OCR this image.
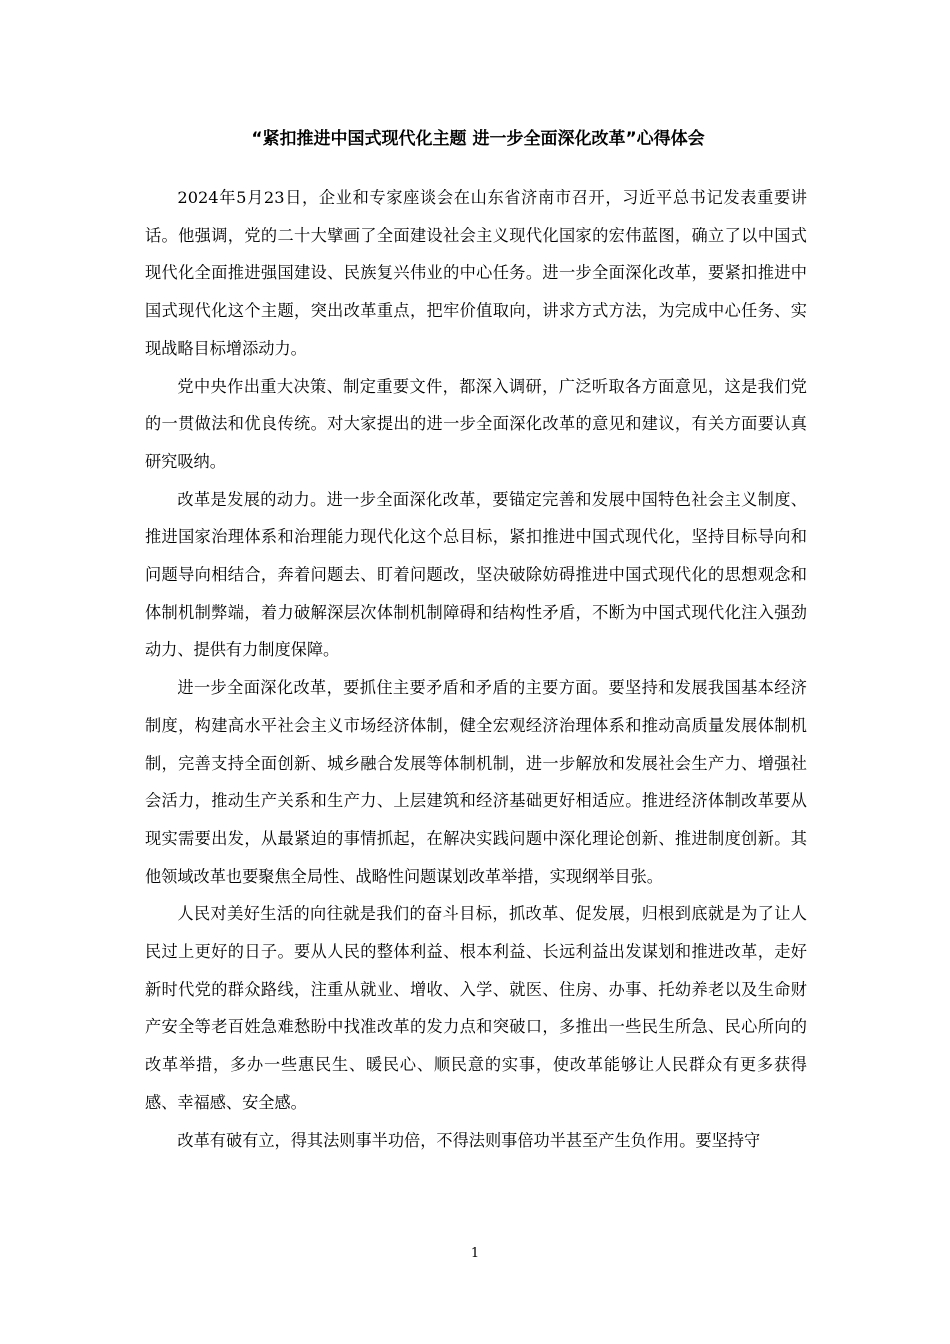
“紧扣推进中国式现代化主题 进一步全面深化改革”心得体会

2024年5月23日，企业和专家座谈会在山东省济南市召开，习近平总书记发表重要讲话。他强调，党的二十大擘画了全面建设社会主义现代化国家的宏伟蓝图，确立了以中国式现代化全面推进强国建设、民族复兴伟业的中心任务。进一步全面深化改革，要紧扣推进中国式现代化这个主题，突出改革重点，把牢价值取向，讲求方式方法，为完成中心任务、实现战略目标增添动力。

党中央作出重大决策、制定重要文件，都深入调研，广泛听取各方面意见，这是我们党的一贯做法和优良传统。对大家提出的进一步全面深化改革的意见和建议，有关方面要认真研究吸纳。

改革是发展的动力。进一步全面深化改革，要锚定完善和发展中国特色社会主义制度、推进国家治理体系和治理能力现代化这个总目标，紧扣推进中国式现代化，坚持目标导向和问题导向相结合，奔着问题去、盯着问题改，坚决破除妨碍推进中国式现代化的思想观念和体制机制弊端，着力破解深层次体制机制障碍和结构性矛盾，不断为中国式现代化注入强劲动力、提供有力制度保障。

进一步全面深化改革，要抓住主要矛盾和矛盾的主要方面。要坚持和发展我国基本经济制度，构建高水平社会主义市场经济体制，健全宏观经济治理体系和推动高质量发展体制机制，完善支持全面创新、城乡融合发展等体制机制，进一步解放和发展社会生产力、增强社会活力，推动生产关系和生产力、上层建筑和经济基础更好相适应。推进经济体制改革要从现实需要出发，从最紧迫的事情抓起，在解决实践问题中深化理论创新、推进制度创新。其他领域改革也要聚焦全局性、战略性问题谋划改革举措，实现纲举目张。

人民对美好生活的向往就是我们的奋斗目标，抓改革、促发展，归根到底就是为了让人民过上更好的日子。要从人民的整体利益、根本利益、长远利益出发谋划和推进改革，走好新时代党的群众路线，注重从就业、增收、入学、就医、住房、办事、托幼养老以及生命财产安全等老百姓急难愁盼中找准改革的发力点和突破口，多推出一些民生所急、民心所向的改革举措，多办一些惠民生、暖民心、顺民意的实事，使改革能够让人民群众有更多获得感、幸福感、安全感。

改革有破有立，得其法则事半功倍，不得法则事倍功半甚至产生负作用。要坚持守

1
